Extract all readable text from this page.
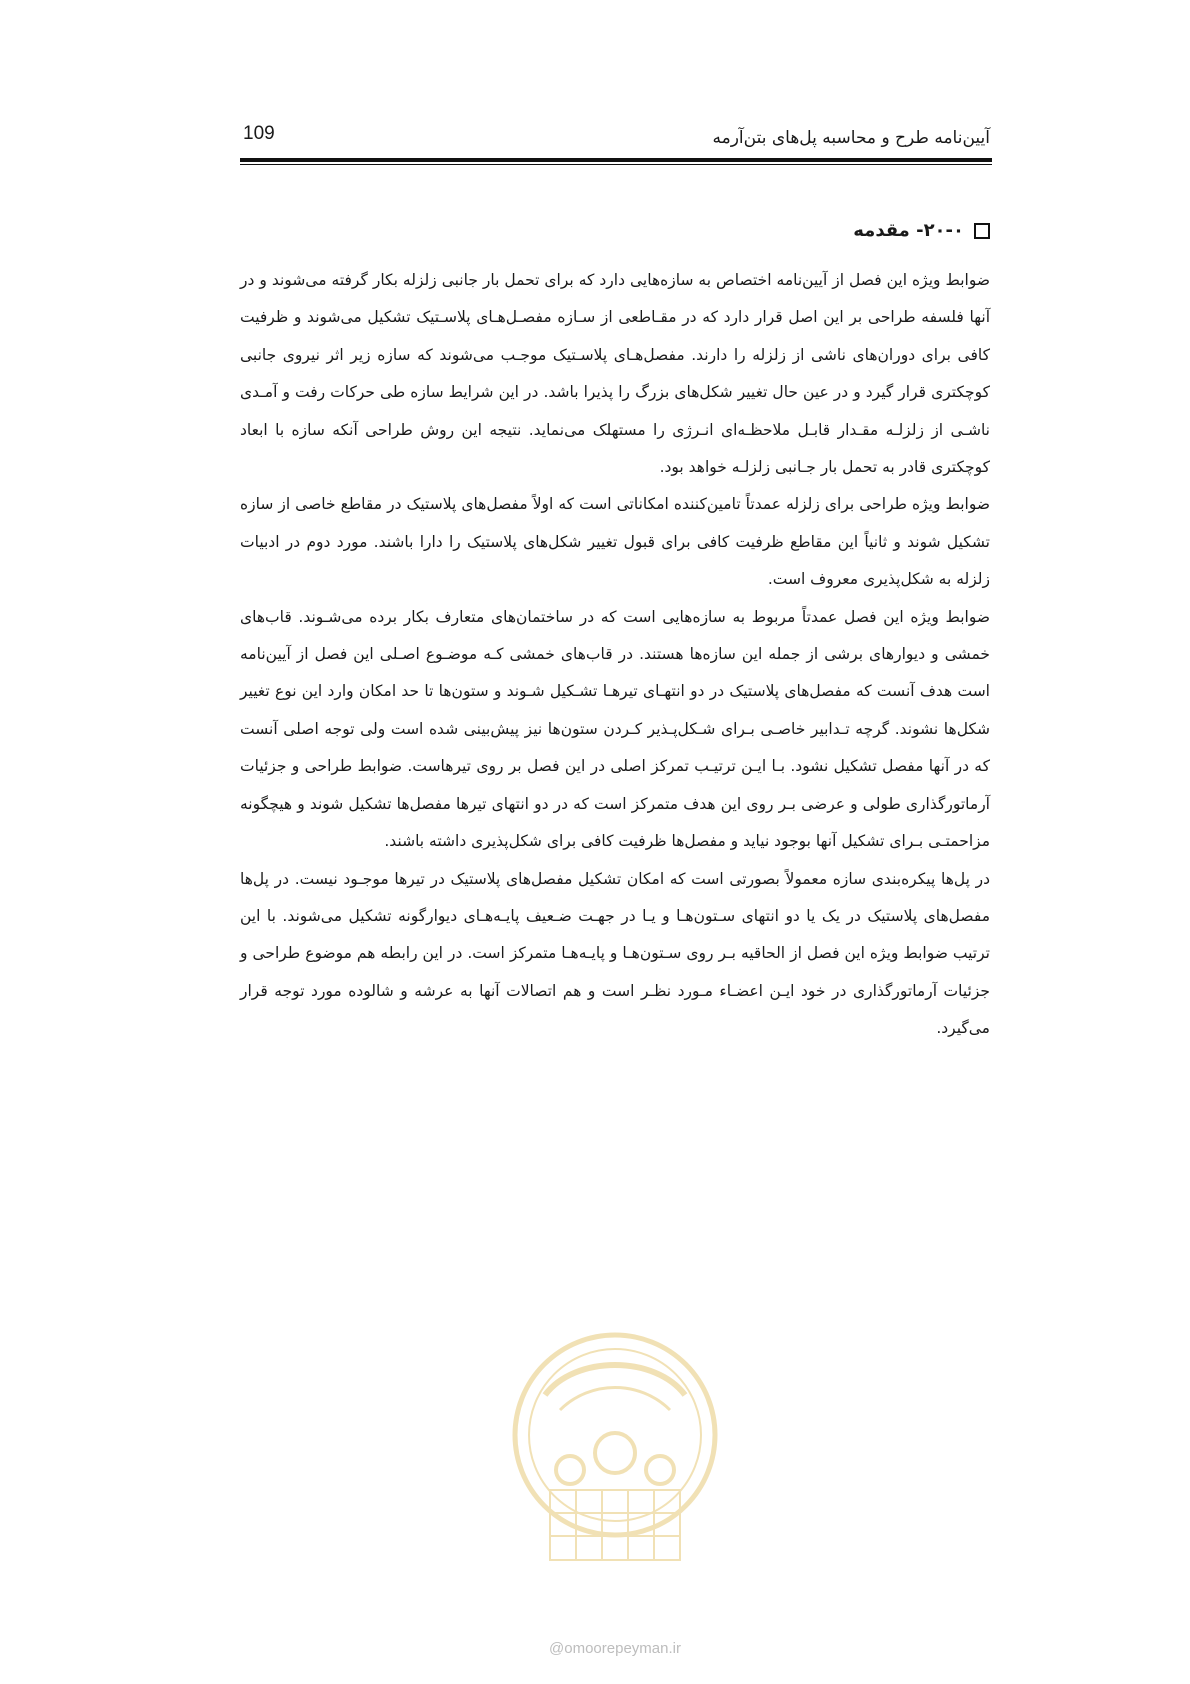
آیین‌نامه طرح و محاسبه پل‌های بتن‌آرمه
109
۲۰-۰- مقدمه

ضوابط ویژه این فصل از آیین‌نامه اختصاص به سازه‌هایی دارد که برای تحمل بار جانبی زلزله بکار گرفته می‌شوند و در آنها فلسفه طراحی بر این اصل قرار دارد که در مقـاطعی از سـازه مفصـل‌هـای پلاسـتیک تشکیل می‌شوند و ظرفیت کافی برای دوران‌های ناشی از زلزله را دارند. مفصل‌هـای پلاسـتیک موجـب می‌شوند که سازه زیر اثر نیروی جانبی کوچکتری قرار گیرد و در عین حال تغییر شکل‌های بزرگ را پذیرا باشد. در این شرایط سازه طی حرکات رفت و آمـدی ناشـی از زلزلـه مقـدار قابـل ملاحظـه‌ای انـرژی را مستهلک می‌نماید. نتیجه این روش طراحی آنکه سازه با ابعاد کوچکتری قادر به تحمل بار جـانبی زلزلـه خواهد بود.

ضوابط ویژه طراحی برای زلزله عمدتاً تامین‌کننده امکاناتی است که اولاً مفصل‌های پلاستیک در مقاطع خاصی از سازه تشکیل شوند و ثانیاً این مقاطع ظرفیت کافی برای قبول تغییر شکل‌های پلاستیک را دارا باشند. مورد دوم در ادبیات زلزله به شکل‌پذیری معروف است.

ضوابط ویژه این فصل عمدتاً مربوط به سازه‌هایی است که در ساختمان‌های متعارف بکار برده می‌شـوند. قاب‌های خمشی و دیوارهای برشی از جمله این سازه‌ها هستند. در قاب‌های خمشی کـه موضـوع اصـلی این فصل از آیین‌نامه است هدف آنست که مفصل‌های پلاستیک در دو انتهـای تیرهـا تشـکیل شـوند و ستون‌ها تا حد امکان وارد این نوع تغییر شکل‌ها نشوند. گرچه تـدابیر خاصـی بـرای شـکل‌پـذیر کـردن ستون‌ها نیز پیش‌بینی شده است ولی توجه اصلی آنست که در آنها مفصل تشکیل نشود. بـا ایـن ترتیـب تمرکز اصلی در این فصل بر روی تیرهاست. ضوابط طراحی و جزئیات آرماتورگذاری طولی و عرضی بـر روی این هدف متمرکز است که در دو انتهای تیرها مفصل‌ها تشکیل شوند و هیچگونه مزاحمتـی بـرای تشکیل آنها بوجود نیاید و مفصل‌ها ظرفیت کافی برای شکل‌پذیری داشته باشند.

در پل‌ها پیکره‌بندی سازه معمولاً بصورتی است که امکان تشکیل مفصل‌های پلاستیک در تیرها موجـود نیست. در پل‌ها مفصل‌های پلاستیک در یک یا دو انتهای سـتون‌هـا و یـا در جهـت ضـعیف پایـه‌هـای دیوارگونه تشکیل می‌شوند. با این ترتیب ضوابط ویژه این فصل از الحاقیه بـر روی سـتون‌هـا و پایـه‌هـا متمرکز است. در این رابطه هم موضوع طراحی و جزئیات آرماتورگذاری در خود ایـن اعضـاء مـورد نظـر است و هم اتصالات آنها به عرشه و شالوده مورد توجه قرار می‌گیرد.

@omoorepeyman.ir
